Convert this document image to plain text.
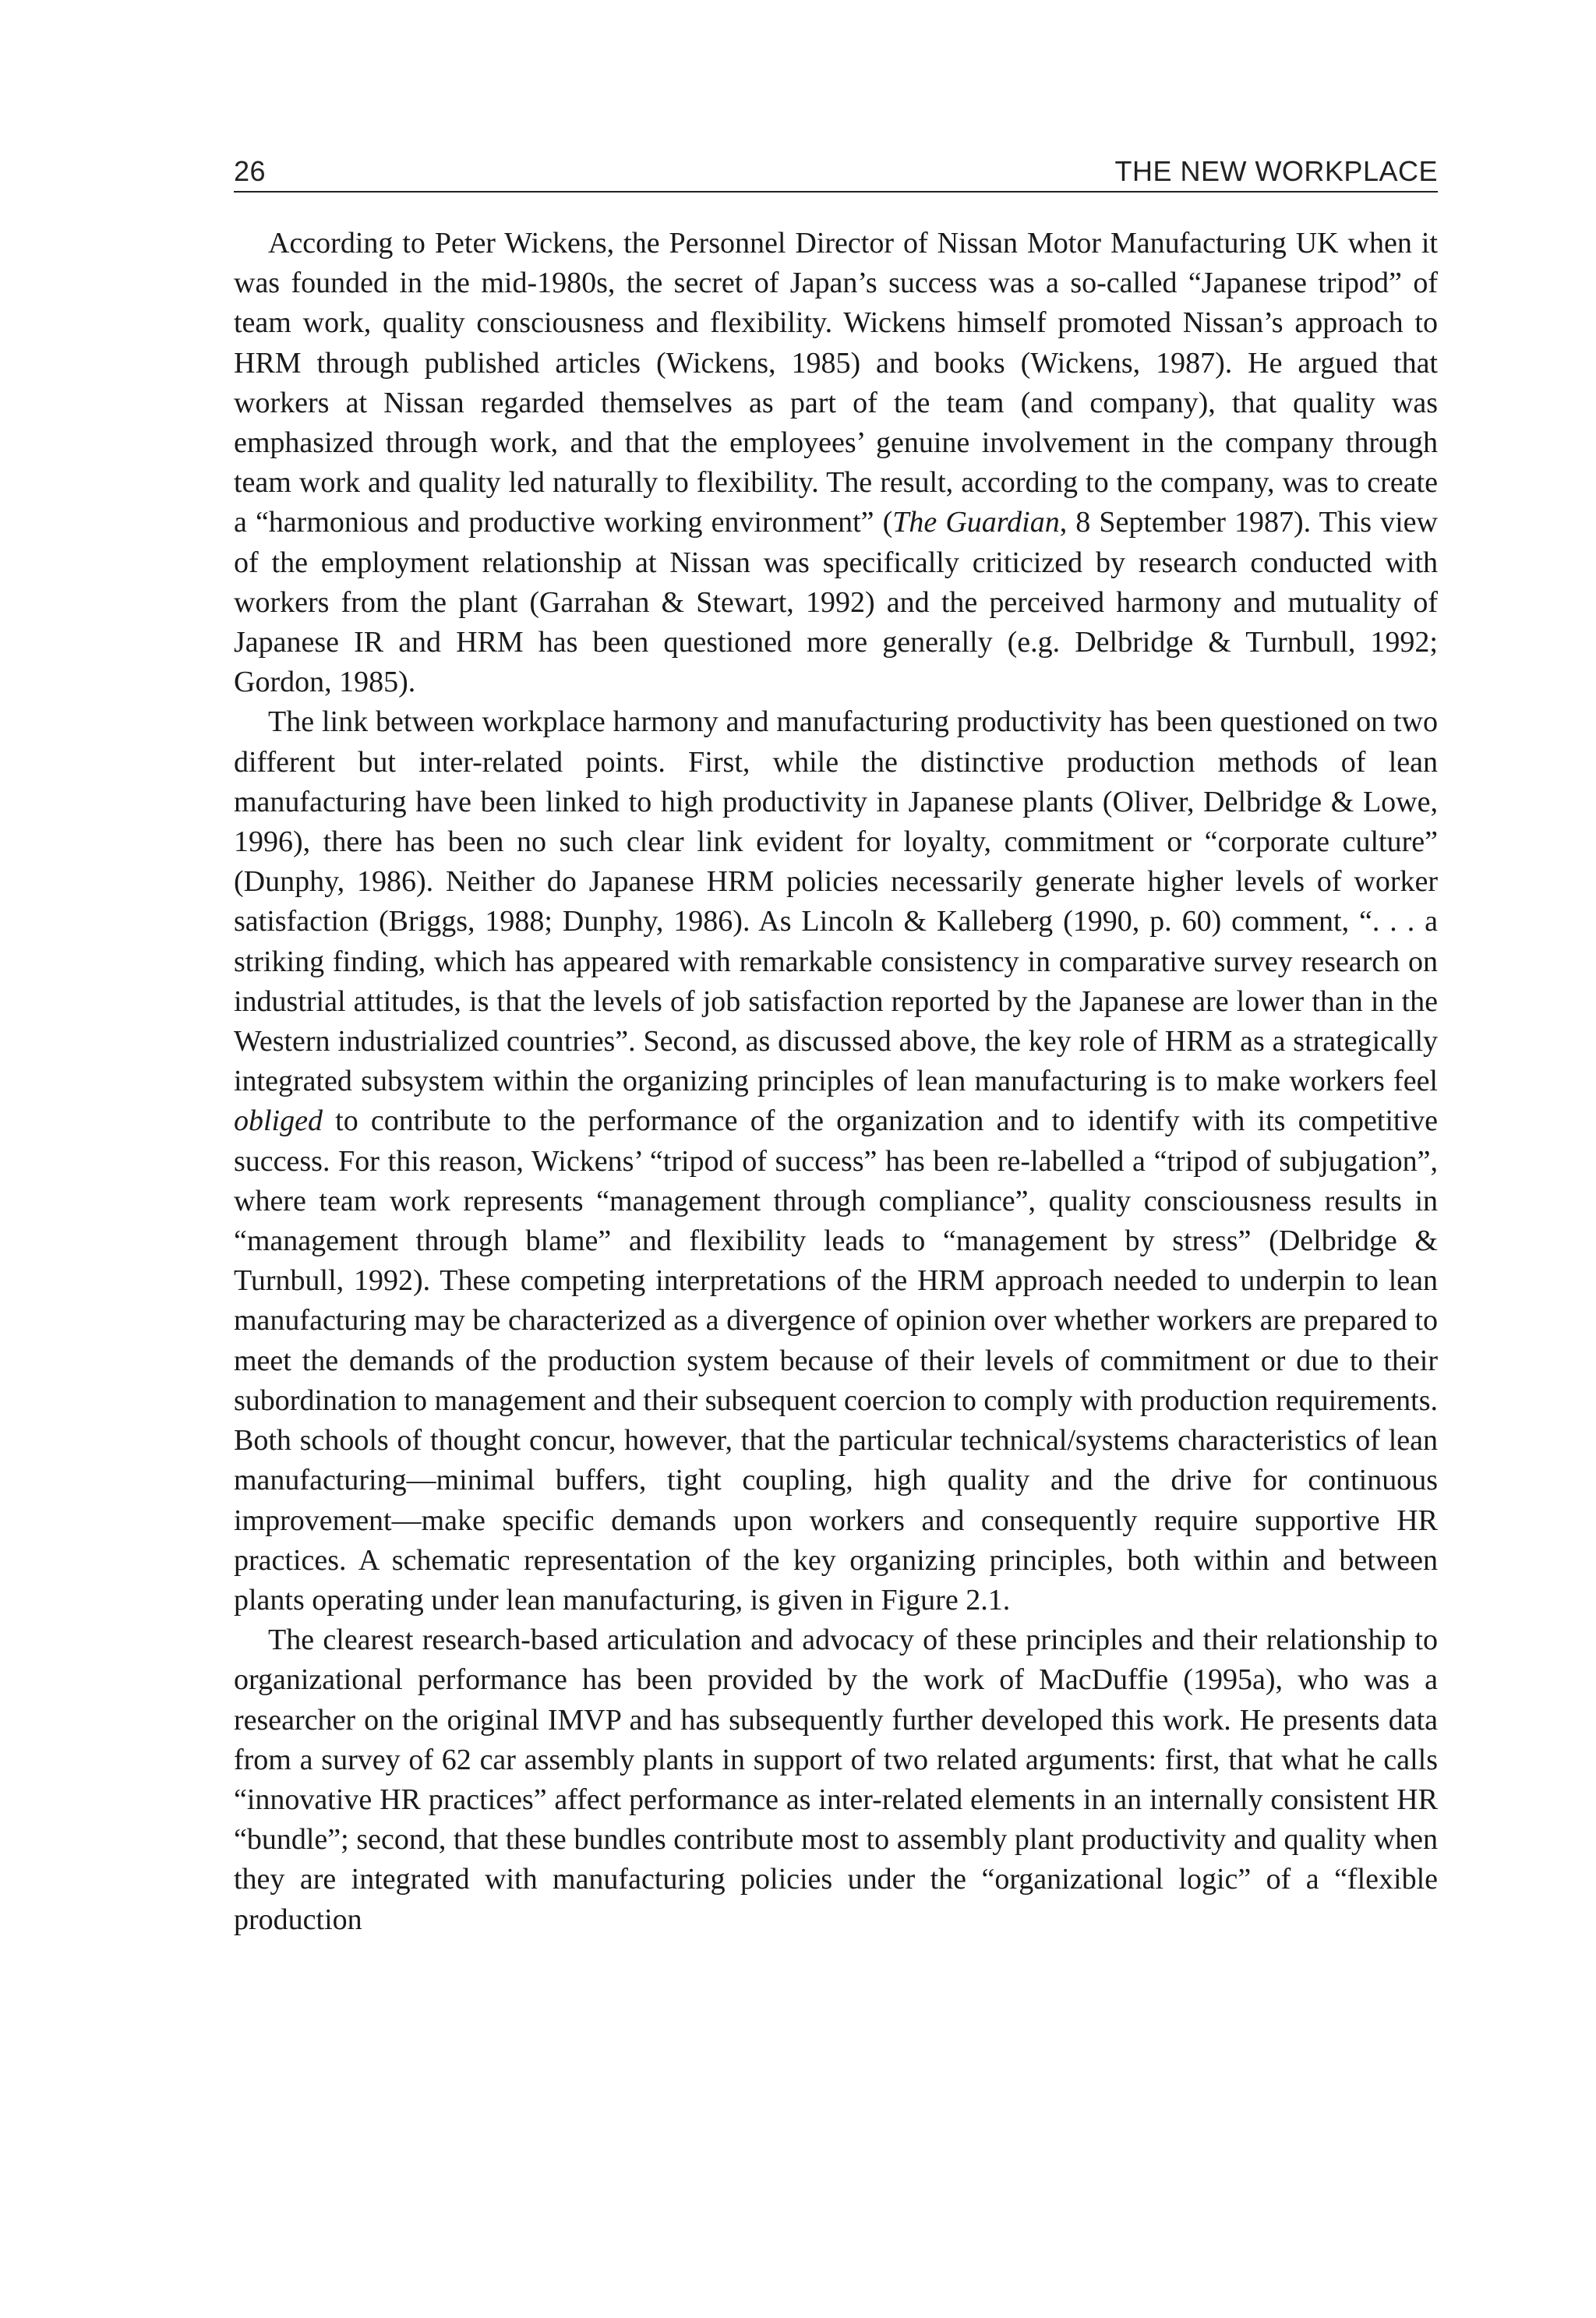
26	THE NEW WORKPLACE

According to Peter Wickens, the Personnel Director of Nissan Motor Manufacturing UK when it was founded in the mid-1980s, the secret of Japan’s success was a so-called “Japanese tripod” of team work, quality consciousness and flexibility. Wickens himself promoted Nissan’s approach to HRM through published articles (Wickens, 1985) and books (Wickens, 1987). He argued that workers at Nissan regarded themselves as part of the team (and company), that quality was emphasized through work, and that the employees’ genuine involvement in the company through team work and quality led naturally to flexibility. The result, according to the company, was to create a “harmonious and productive working environment” (The Guardian, 8 September 1987). This view of the employment relationship at Nissan was specifically criticized by research conducted with workers from the plant (Garrahan & Stewart, 1992) and the perceived harmony and mutuality of Japanese IR and HRM has been questioned more generally (e.g. Delbridge & Turnbull, 1992; Gordon, 1985).

The link between workplace harmony and manufacturing productivity has been questioned on two different but inter-related points. First, while the distinctive production methods of lean manufacturing have been linked to high productivity in Japanese plants (Oliver, Delbridge & Lowe, 1996), there has been no such clear link evident for loyalty, commitment or “corporate culture” (Dunphy, 1986). Neither do Japanese HRM policies necessarily generate higher levels of worker satisfaction (Briggs, 1988; Dunphy, 1986). As Lincoln & Kalleberg (1990, p. 60) comment, “. . . a striking finding, which has appeared with remarkable consistency in comparative survey research on industrial attitudes, is that the levels of job satisfaction reported by the Japanese are lower than in the Western industrialized countries”. Second, as discussed above, the key role of HRM as a strategically integrated subsystem within the organizing principles of lean manufacturing is to make workers feel obliged to contribute to the performance of the organization and to identify with its competitive success. For this reason, Wickens’ “tripod of success” has been re-labelled a “tripod of subjugation”, where team work represents “management through compliance”, quality consciousness results in “management through blame” and flexibility leads to “management by stress” (Delbridge & Turnbull, 1992). These competing interpretations of the HRM approach needed to underpin to lean manufacturing may be characterized as a divergence of opinion over whether workers are prepared to meet the demands of the production system because of their levels of commitment or due to their subordination to management and their subsequent coercion to comply with production requirements. Both schools of thought concur, however, that the particular technical/systems characteristics of lean manufacturing—minimal buffers, tight coupling, high quality and the drive for continuous improvement—make specific demands upon workers and consequently require supportive HR practices. A schematic representation of the key organizing principles, both within and between plants operating under lean manufacturing, is given in Figure 2.1.

The clearest research-based articulation and advocacy of these principles and their relationship to organizational performance has been provided by the work of MacDuffie (1995a), who was a researcher on the original IMVP and has subsequently further developed this work. He presents data from a survey of 62 car assembly plants in support of two related arguments: first, that what he calls “innovative HR practices” affect performance as inter-related elements in an internally consistent HR “bundle”; second, that these bundles contribute most to assembly plant productivity and quality when they are integrated with manufacturing policies under the “organizational logic” of a “flexible production
